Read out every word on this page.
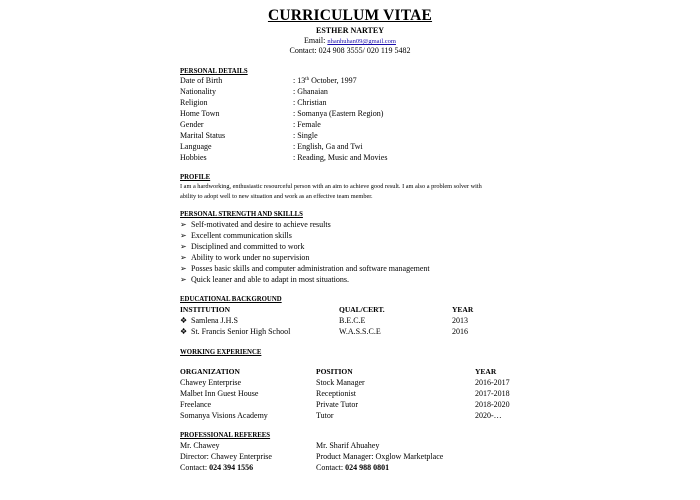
CURRICULUM VITAE
ESTHER NARTEY
Email: nhanhuhan09@gmail.com
Contact: 024 908 3555/ 020 119 5482
PERSONAL DETAILS
Date of Birth	: 13th October, 1997
Nationality	: Ghanaian
Religion	: Christian
Home Town	: Somanya (Eastern Region)
Gender	: Female
Marital Status	: Single
Language	: English, Ga and Twi
Hobbies	: Reading, Music and Movies
PROFILE
I am a hardworking, enthusiastic resourceful person with an aim to achieve good result. I am also a problem solver with
ability to adopt well to new situation and work as an effective team member.
PERSONAL STRENGTH AND SKILLLS
➢ Self-motivated and desire to achieve results
➢ Excellent communication skills
➢ Disciplined and committed to work
➢ Ability to work under no supervision
➢ Posses basic skills and computer administration and software management
➢ Quick leaner and able to adapt in most situations.
EDUCATIONAL BACKGROUND
INSTITUTION	QUAL/CERT.	YEAR
❖ Samlena J.H.S	B.E.C.E	2013
❖ St. Francis Senior High School	W.A.S.S.C.E	2016
WORKING EXPERIENCE
ORGANIZATION	POSITION	YEAR
Chawey Enterprise	Stock Manager	2016-2017
Malbet Inn Guest House	Receptionist	2017-2018
Freelance	Private Tutor	2018-2020
Somanya Visions Academy	Tutor	2020-…
PROFESSIONAL REFEREES
Mr. Chawey
Director: Chawey Enterprise
Contact: 024 394 1556
Mr. Sharif Ahuahey
Product Manager: Oxglow Marketplace
Contact: 024 988 0801
